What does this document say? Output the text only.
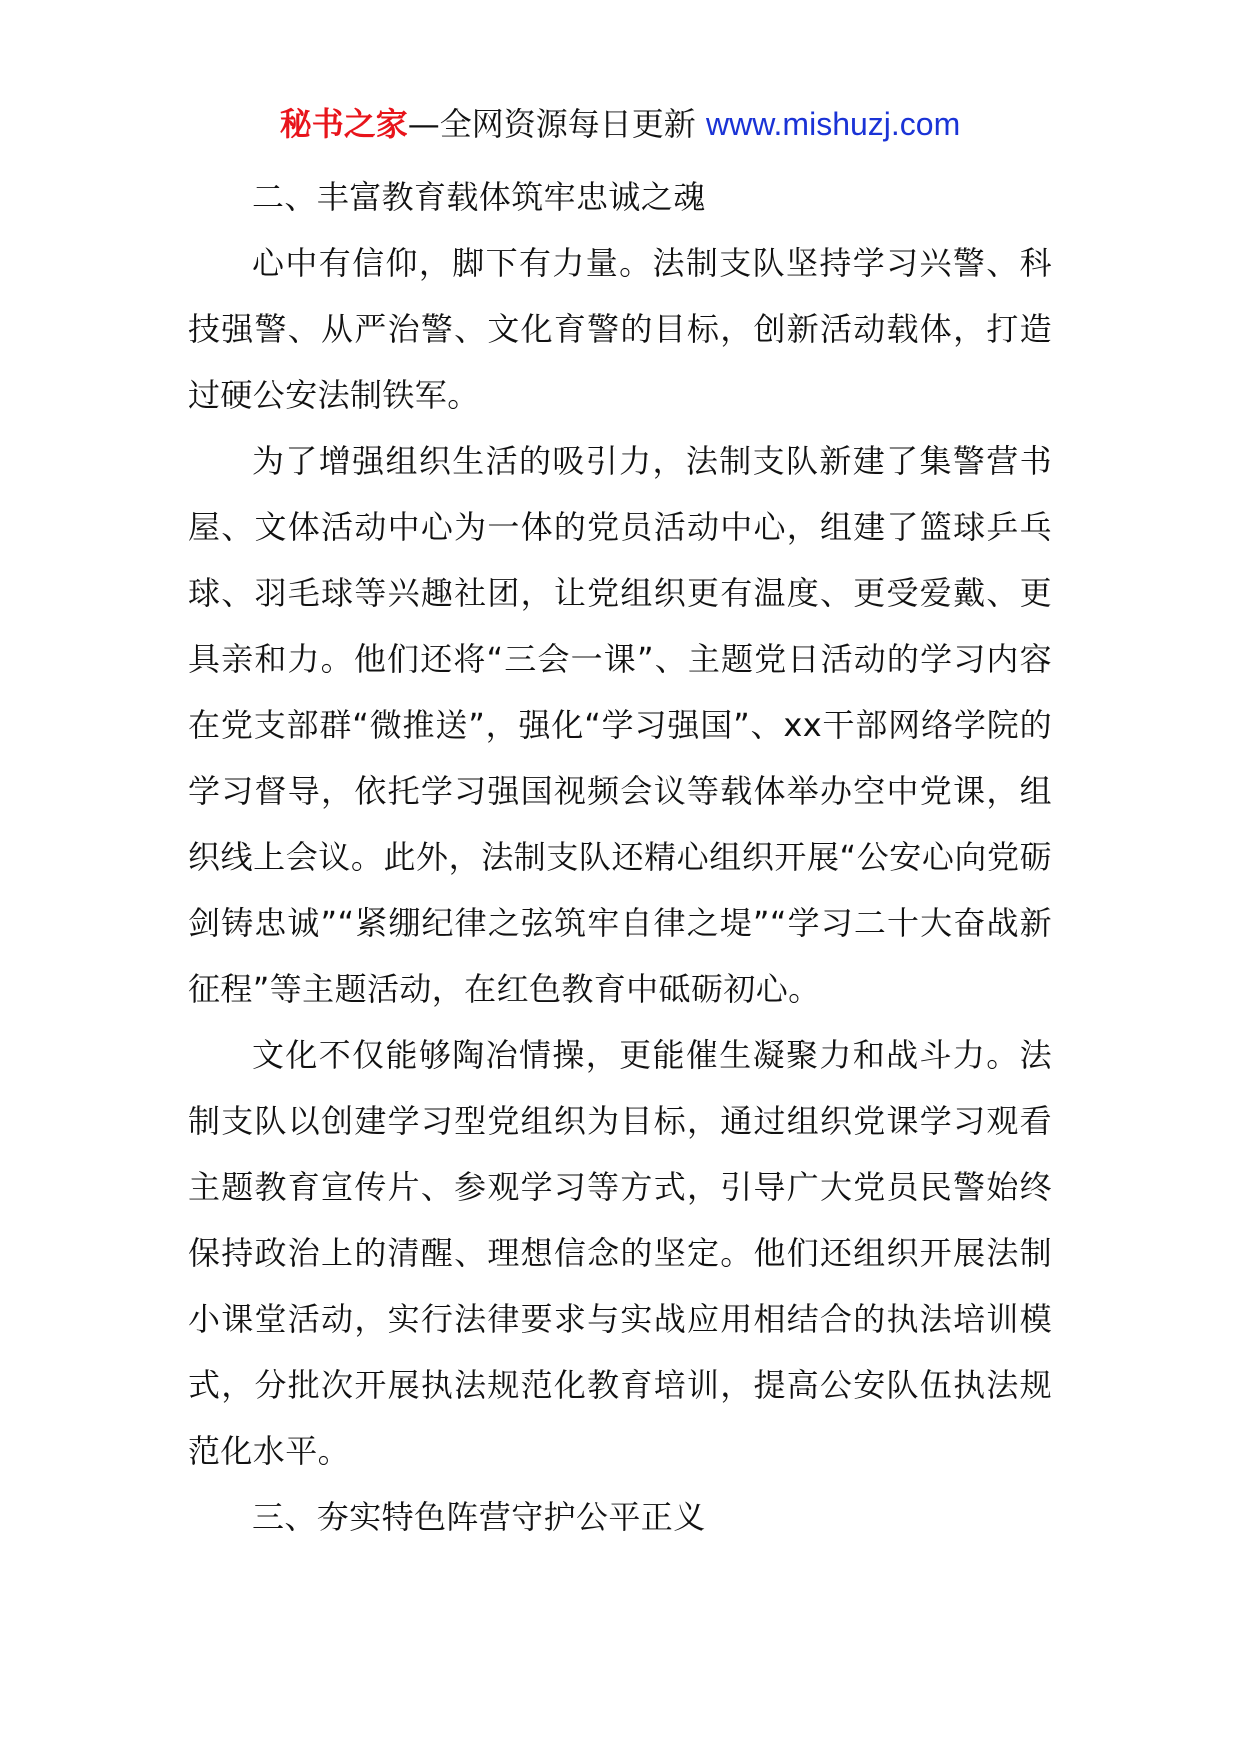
秘书之家—全网资源每日更新 www.mishuzj.com

二、丰富教育载体筑牢忠诚之魂

心中有信仰，脚下有力量。法制支队坚持学习兴警、科技强警、从严治警、文化育警的目标，创新活动载体，打造过硬公安法制铁军。

为了增强组织生活的吸引力，法制支队新建了集警营书屋、文体活动中心为一体的党员活动中心，组建了篮球乒乓球、羽毛球等兴趣社团，让党组织更有温度、更受爱戴、更具亲和力。他们还将“三会一课”、主题党日活动的学习内容在党支部群“微推送”，强化“学习强国”、xx干部网络学院的学习督导，依托学习强国视频会议等载体举办空中党课，组织线上会议。此外，法制支队还精心组织开展“公安心向党砺剑铸忠诚”“紧绷纪律之弦筑牢自律之堤”“学习二十大奋战新征程”等主题活动，在红色教育中砥砺初心。

文化不仅能够陶冶情操，更能催生凝聚力和战斗力。法制支队以创建学习型党组织为目标，通过组织党课学习观看主题教育宣传片、参观学习等方式，引导广大党员民警始终保持政治上的清醒、理想信念的坚定。他们还组织开展法制小课堂活动，实行法律要求与实战应用相结合的执法培训模式，分批次开展执法规范化教育培训，提高公安队伍执法规范化水平。

三、夯实特色阵营守护公平正义
